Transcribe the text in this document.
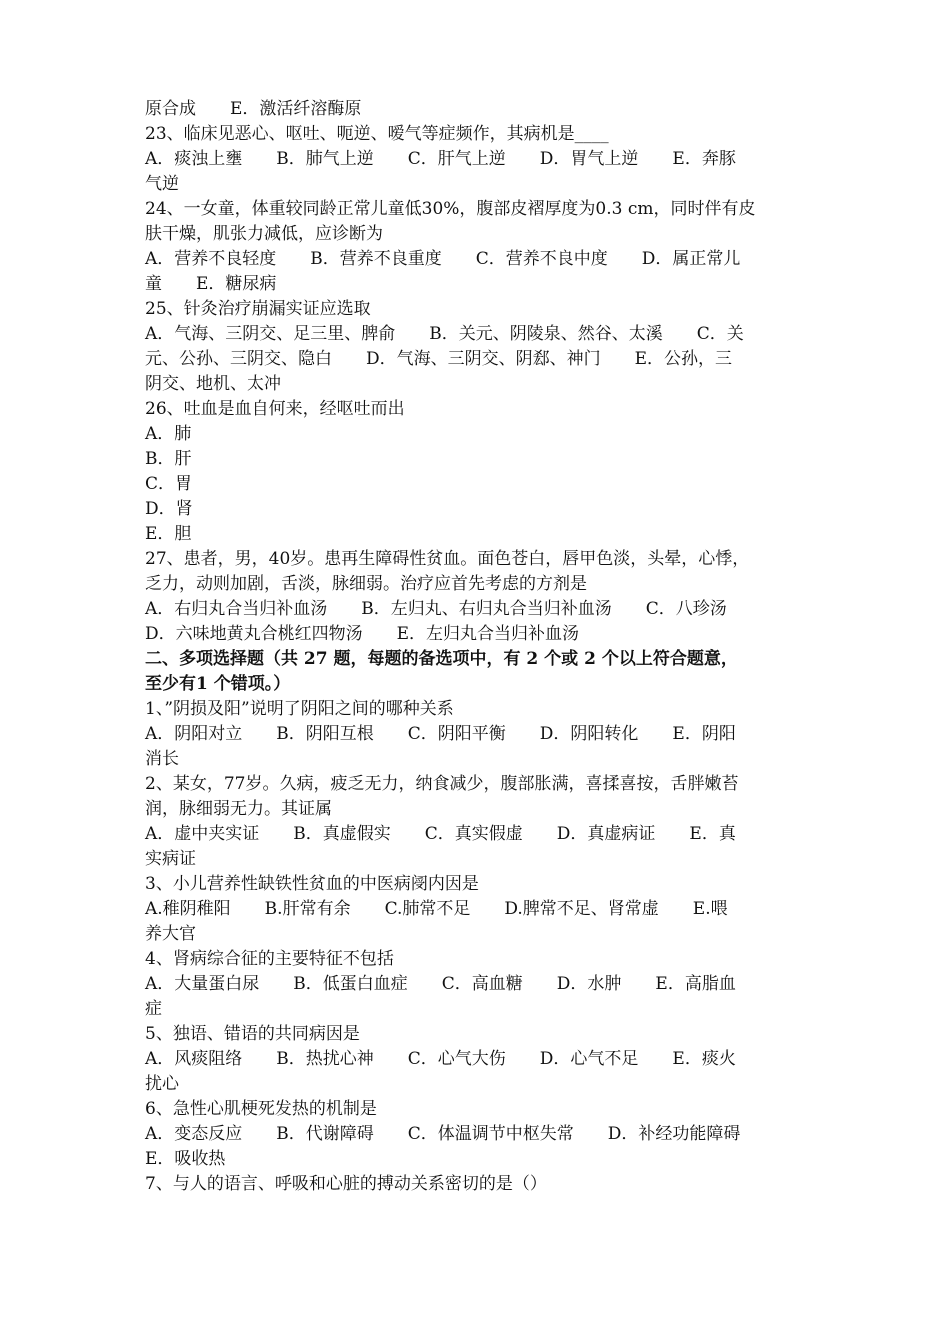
原合成　　E．激活纤溶酶原
23、临床见恶心、呕吐、呃逆、嗳气等症频作，其病机是____
A．痰浊上壅　　B．肺气上逆　　C．肝气上逆　　D．胃气上逆　　E．奔豚
气逆
24、一女童，体重较同龄正常儿童低30%，腹部皮褶厚度为0.3 cm，同时伴有皮
肤干燥，肌张力减低，应诊断为
A．营养不良轻度　　B．营养不良重度　　C．营养不良中度　　D．属正常儿
童　　E．糖尿病
25、针灸治疗崩漏实证应选取
A．气海、三阴交、足三里、脾俞　　B．关元、阴陵泉、然谷、太溪　　C．关
元、公孙、三阴交、隐白　　D．气海、三阴交、阴郄、神门　　E．公孙，三
阴交、地机、太冲
26、吐血是血自何来，经呕吐而出
A．肺
B．肝
C．胃
D．肾
E．胆
27、患者，男，40岁。患再生障碍性贫血。面色苍白，唇甲色淡，头晕，心悸，
乏力，动则加剧，舌淡，脉细弱。治疗应首先考虑的方剂是
A．右归丸合当归补血汤　　B．左归丸、右归丸合当归补血汤　　C．八珍汤
D．六味地黄丸合桃红四物汤　　E．左归丸合当归补血汤
二、多项选择题（共 27 题，每题的备选项中，有 2 个或 2 个以上符合题意，
至少有1 个错项。）
1、”阴损及阳”说明了阴阳之间的哪种关系
A．阴阳对立　　B．阴阳互根　　C．阴阳平衡　　D．阴阳转化　　E．阴阳
消长
2、某女，77岁。久病，疲乏无力，纳食减少，腹部胀满，喜揉喜按，舌胖嫩苔
润，脉细弱无力。其证属
A．虚中夹实证　　B．真虚假实　　C．真实假虚　　D．真虚病证　　E．真
实病证
3、小儿营养性缺铁性贫血的中医病阌内因是
A.稚阴稚阳　　B.肝常有余　　C.肺常不足　　D.脾常不足、肾常虚　　E.喂
养大官
4、肾病综合征的主要特征不包括
A．大量蛋白尿　　B．低蛋白血症　　C．高血糖　　D．水肿　　E．高脂血
症
5、独语、错语的共同病因是
A．风痰阻络　　B．热扰心神　　C．心气大伤　　D．心气不足　　E．痰火
扰心
6、急性心肌梗死发热的机制是
A．变态反应　　B．代谢障碍　　C．体温调节中枢失常　　D．补经功能障碍
E．吸收热
7、与人的语言、呼吸和心脏的搏动关系密切的是（）
